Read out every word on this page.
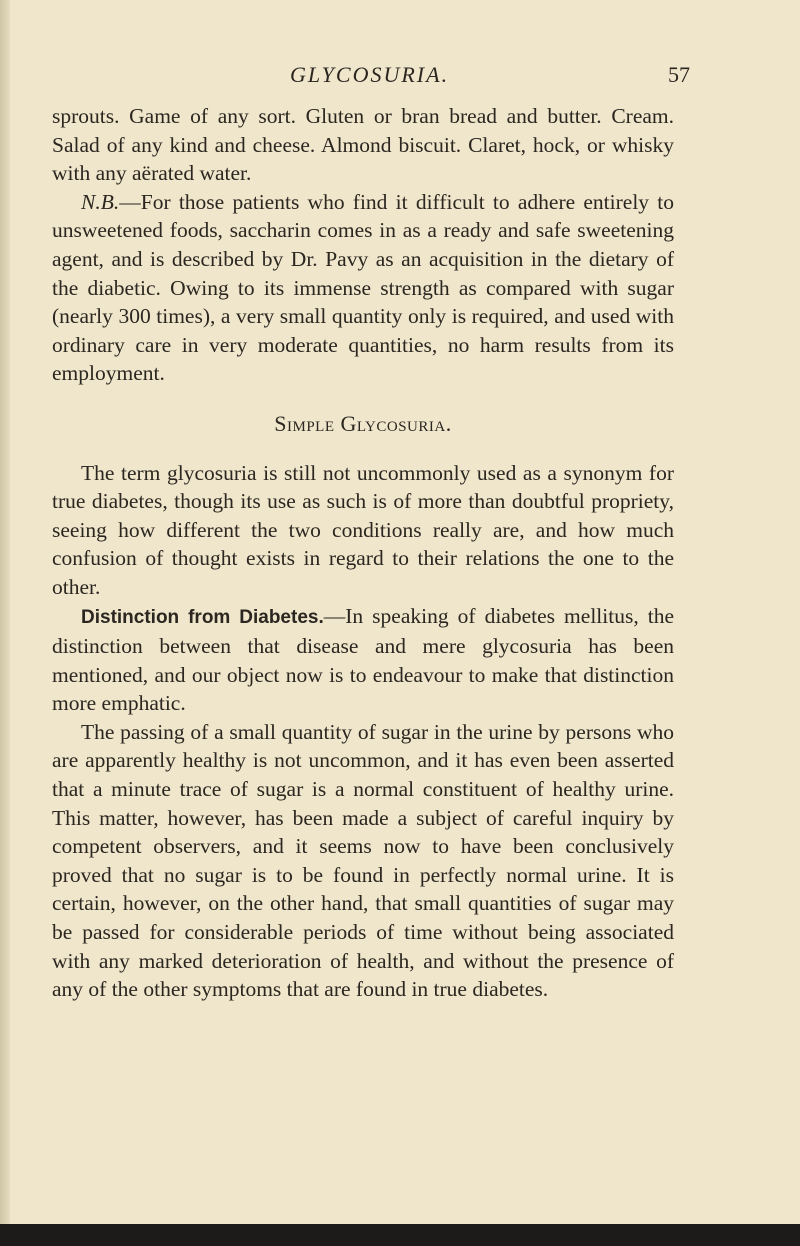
GLYCOSURIA.	57

sprouts. Game of any sort. Gluten or bran bread and butter. Cream. Salad of any kind and cheese. Almond biscuit. Claret, hock, or whisky with any aërated water.

N.B.—For those patients who find it difficult to adhere entirely to unsweetened foods, saccharin comes in as a ready and safe sweetening agent, and is described by Dr. Pavy as an acquisition in the dietary of the diabetic. Owing to its immense strength as compared with sugar (nearly 300 times), a very small quantity only is required, and used with ordinary care in very moderate quantities, no harm results from its employment.

Simple Glycosuria.

The term glycosuria is still not uncommonly used as a synonym for true diabetes, though its use as such is of more than doubtful propriety, seeing how different the two conditions really are, and how much confusion of thought exists in regard to their relations the one to the other.

Distinction from Diabetes.—In speaking of diabetes mellitus, the distinction between that disease and mere glycosuria has been mentioned, and our object now is to endeavour to make that distinction more emphatic.

The passing of a small quantity of sugar in the urine by persons who are apparently healthy is not uncommon, and it has even been asserted that a minute trace of sugar is a normal constituent of healthy urine. This matter, however, has been made a subject of careful inquiry by competent observers, and it seems now to have been conclusively proved that no sugar is to be found in perfectly normal urine. It is certain, however, on the other hand, that small quantities of sugar may be passed for considerable periods of time without being associated with any marked deterioration of health, and without the presence of any of the other symptoms that are found in true diabetes.
